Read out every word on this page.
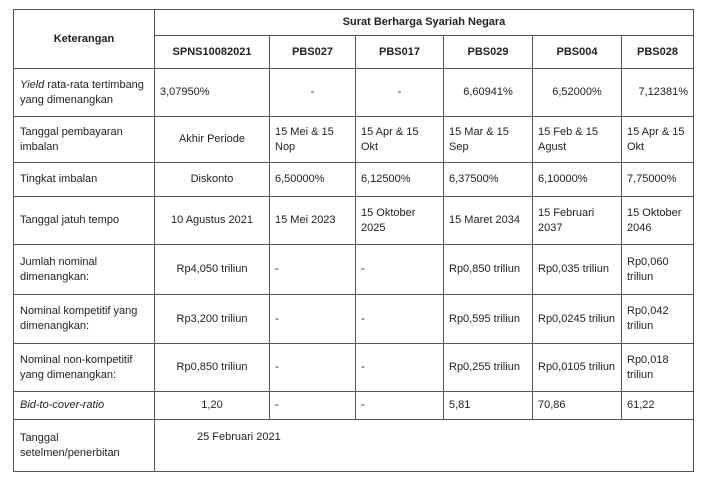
Keterangan	Surat Berharga Syariah Negara					
	SPNS10082021	PBS027	PBS017	PBS029	PBS004	PBS028
Yield rata-rata tertimbang yang dimenangkan	3,07950%	-	-	6,60941%	6,52000%	7,12381%
Tanggal pembayaran imbalan	Akhir Periode	15 Mei & 15 Nop	15 Apr & 15 Okt	15 Mar & 15 Sep	15 Feb & 15 Agust	15 Apr & 15 Okt
Tingkat imbalan	Diskonto	6,50000%	6,12500%	6,37500%	6,10000%	7,75000%
Tanggal jatuh tempo	10 Agustus 2021	15 Mei 2023	15 Oktober 2025	15 Maret 2034	15 Februari 2037	15 Oktober 2046
Jumlah nominal dimenangkan:	Rp4,050 triliun	-	-	Rp0,850 triliun	Rp0,035 triliun	Rp0,060 triliun
Nominal kompetitif yang dimenangkan:	Rp3,200 triliun	-	-	Rp0,595 triliun	Rp0,0245 triliun	Rp0,042 triliun
Nominal non-kompetitif yang dimenangkan:	Rp0,850 triliun	-	-	Rp0,255 triliun	Rp0,0105 triliun	Rp0,018 triliun
Bid-to-cover-ratio	1,20	-	-	5,81	70,86	61,22
Tanggal setelmen/penerbitan	25 Februari 2021					
